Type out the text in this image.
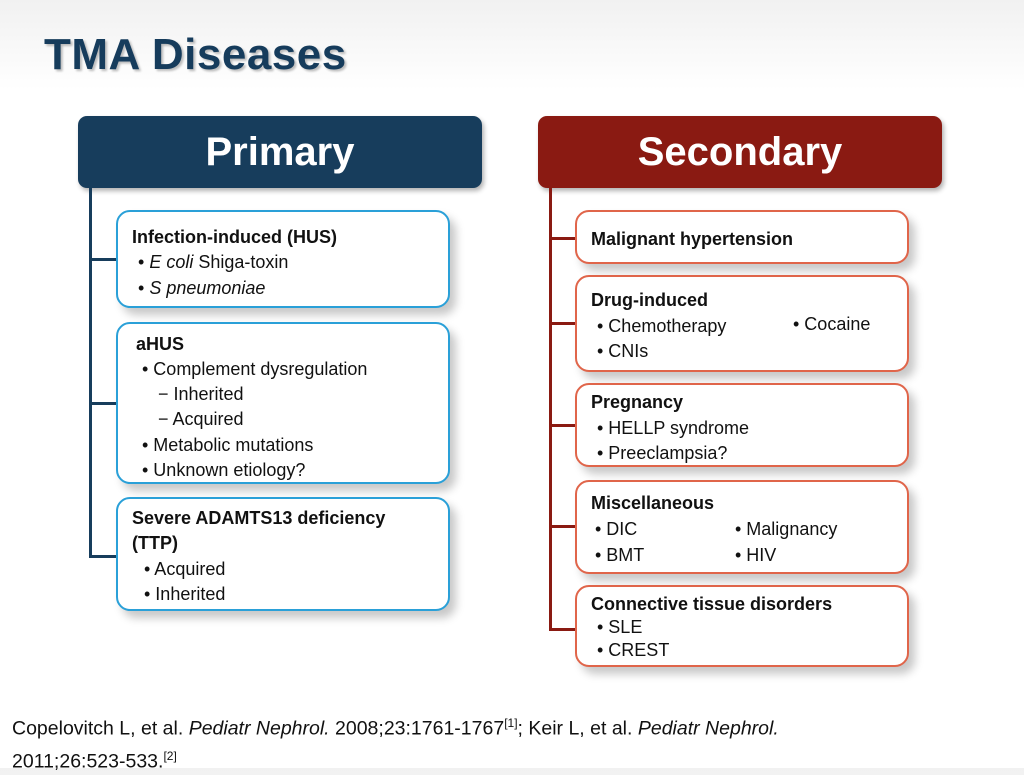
TMA Diseases
Primary
Infection-induced (HUS)
• E coli Shiga-toxin
• S pneumoniae
aHUS
• Complement dysregulation
− Inherited
− Acquired
• Metabolic mutations
• Unknown etiology?
Severe ADAMTS13 deficiency
(TTP)
• Acquired
• Inherited
Secondary
Malignant hypertension
Drug-induced
• Chemotherapy
• CNIs
• Cocaine
Pregnancy
• HELLP syndrome
• Preeclampsia?
Miscellaneous
• DIC
• BMT
• Malignancy
• HIV
Connective tissue disorders
• SLE
• CREST
Copelovitch L, et al. Pediatr Nephrol. 2008;23:1761-1767[1]; Keir L, et al. Pediatr Nephrol.
2011;26:523-533.[2]
